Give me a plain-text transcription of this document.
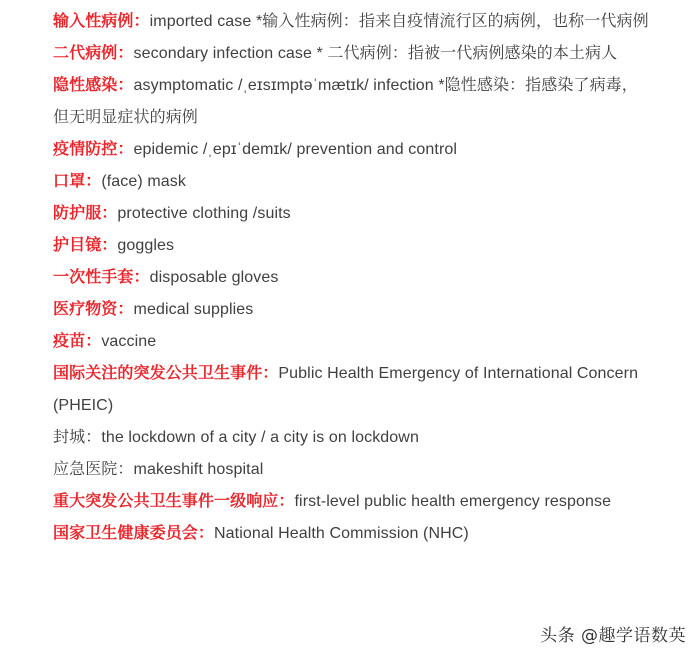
输入性病例：imported case *输入性病例：指来自疫情流行区的病例，也称一代病例
二代病例：secondary infection case * 二代病例：指被一代病例感染的本土病人
隐性感染：asymptomatic /ˌeɪsɪmptəˈmætɪk/ infection *隐性感染：指感染了病毒，但无明显症状的病例
疫情防控：epidemic /ˌepɪˈdemɪk/ prevention and control
口罩：(face) mask
防护服：protective clothing /suits
护目镜：goggles
一次性手套：disposable gloves
医疗物资：medical supplies
疫苗：vaccine
国际关注的突发公共卫生事件：Public Health Emergency of International Concern (PHEIC)
封城：the lockdown of a city / a city is on lockdown
应急医院：makeshift hospital
重大突发公共卫生事件一级响应：first-level public health emergency response
国家卫生健康委员会：National Health Commission (NHC)
头条 @趣学语数英
